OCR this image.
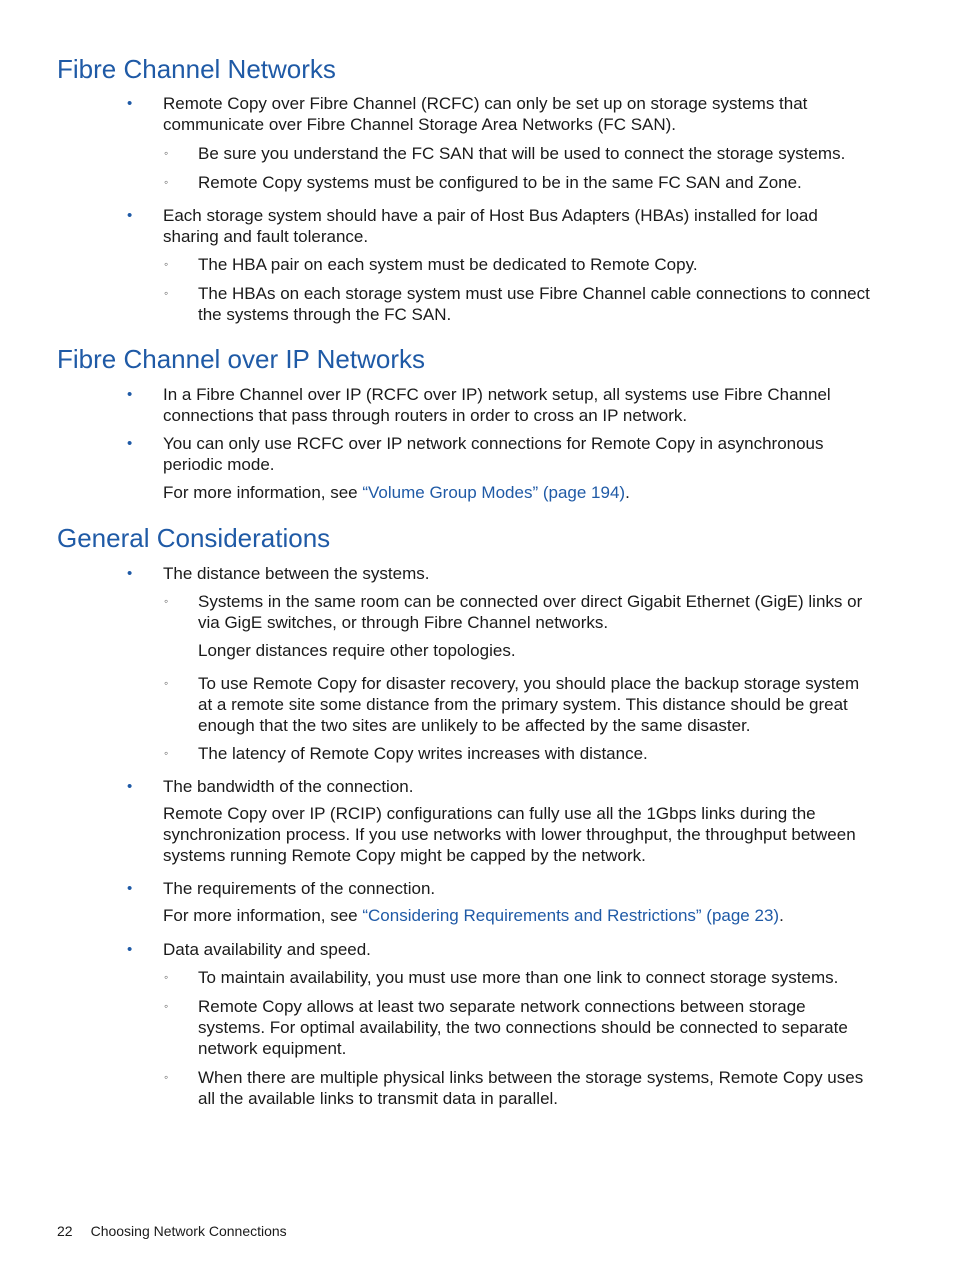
Fibre Channel Networks

• Remote Copy over Fibre Channel (RCFC) can only be set up on storage systems that communicate over Fibre Channel Storage Area Networks (FC SAN).

◦ Be sure you understand the FC SAN that will be used to connect the storage systems.

◦ Remote Copy systems must be configured to be in the same FC SAN and Zone.

• Each storage system should have a pair of Host Bus Adapters (HBAs) installed for load sharing and fault tolerance.

◦ The HBA pair on each system must be dedicated to Remote Copy.

◦ The HBAs on each storage system must use Fibre Channel cable connections to connect the systems through the FC SAN.

Fibre Channel over IP Networks

• In a Fibre Channel over IP (RCFC over IP) network setup, all systems use Fibre Channel connections that pass through routers in order to cross an IP network.

• You can only use RCFC over IP network connections for Remote Copy in asynchronous periodic mode.

For more information, see “Volume Group Modes” (page 194).

General Considerations

• The distance between the systems.

◦ Systems in the same room can be connected over direct Gigabit Ethernet (GigE) links or via GigE switches, or through Fibre Channel networks.

Longer distances require other topologies.

◦ To use Remote Copy for disaster recovery, you should place the backup storage system at a remote site some distance from the primary system. This distance should be great enough that the two sites are unlikely to be affected by the same disaster.

◦ The latency of Remote Copy writes increases with distance.

• The bandwidth of the connection.

Remote Copy over IP (RCIP) configurations can fully use all the 1Gbps links during the synchronization process. If you use networks with lower throughput, the throughput between systems running Remote Copy might be capped by the network.

• The requirements of the connection.

For more information, see “Considering Requirements and Restrictions” (page 23).

• Data availability and speed.

◦ To maintain availability, you must use more than one link to connect storage systems.

◦ Remote Copy allows at least two separate network connections between storage systems. For optimal availability, the two connections should be connected to separate network equipment.

◦ When there are multiple physical links between the storage systems, Remote Copy uses all the available links to transmit data in parallel.

22 Choosing Network Connections
